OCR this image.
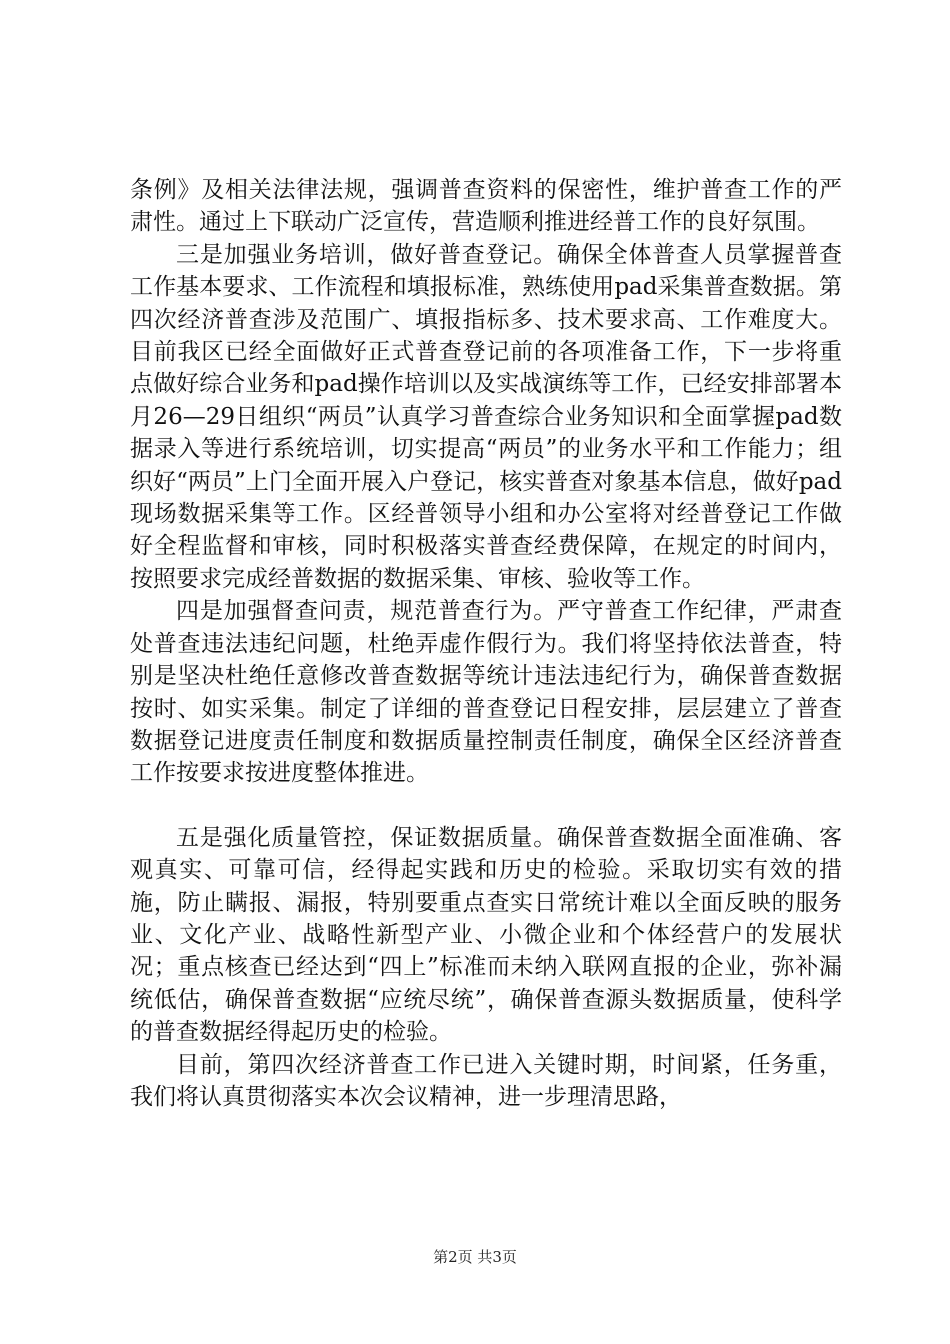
条例》及相关法律法规，强调普查资料的保密性，维护普查工作的严肃性。通过上下联动广泛宣传，营造顺利推进经普工作的良好氛围。

三是加强业务培训，做好普查登记。确保全体普查人员掌握普查工作基本要求、工作流程和填报标准，熟练使用pad采集普查数据。第四次经济普查涉及范围广、填报指标多、技术要求高、工作难度大。目前我区已经全面做好正式普查登记前的各项准备工作，下一步将重点做好综合业务和pad操作培训以及实战演练等工作，已经安排部署本月26—29日组织“两员”认真学习普查综合业务知识和全面掌握pad数据录入等进行系统培训，切实提高“两员”的业务水平和工作能力；组织好“两员”上门全面开展入户登记，核实普查对象基本信息，做好pad现场数据采集等工作。区经普领导小组和办公室将对经普登记工作做好全程监督和审核，同时积极落实普查经费保障，在规定的时间内，按照要求完成经普数据的数据采集、审核、验收等工作。

四是加强督查问责，规范普查行为。严守普查工作纪律，严肃查处普查违法违纪问题，杜绝弄虚作假行为。我们将坚持依法普查，特别是坚决杜绝任意修改普查数据等统计违法违纪行为，确保普查数据按时、如实采集。制定了详细的普查登记日程安排，层层建立了普查数据登记进度责任制度和数据质量控制责任制度，确保全区经济普查工作按要求按进度整体推进。

五是强化质量管控，保证数据质量。确保普查数据全面准确、客观真实、可靠可信，经得起实践和历史的检验。采取切实有效的措施，防止瞒报、漏报，特别要重点查实日常统计难以全面反映的服务业、文化产业、战略性新型产业、小微企业和个体经营户的发展状况；重点核查已经达到“四上”标准而未纳入联网直报的企业，弥补漏统低估，确保普查数据“应统尽统”，确保普查源头数据质量，使科学的普查数据经得起历史的检验。

目前，第四次经济普查工作已进入关键时期，时间紧，任务重，我们将认真贯彻落实本次会议精神，进一步理清思路，

第2页 共3页
